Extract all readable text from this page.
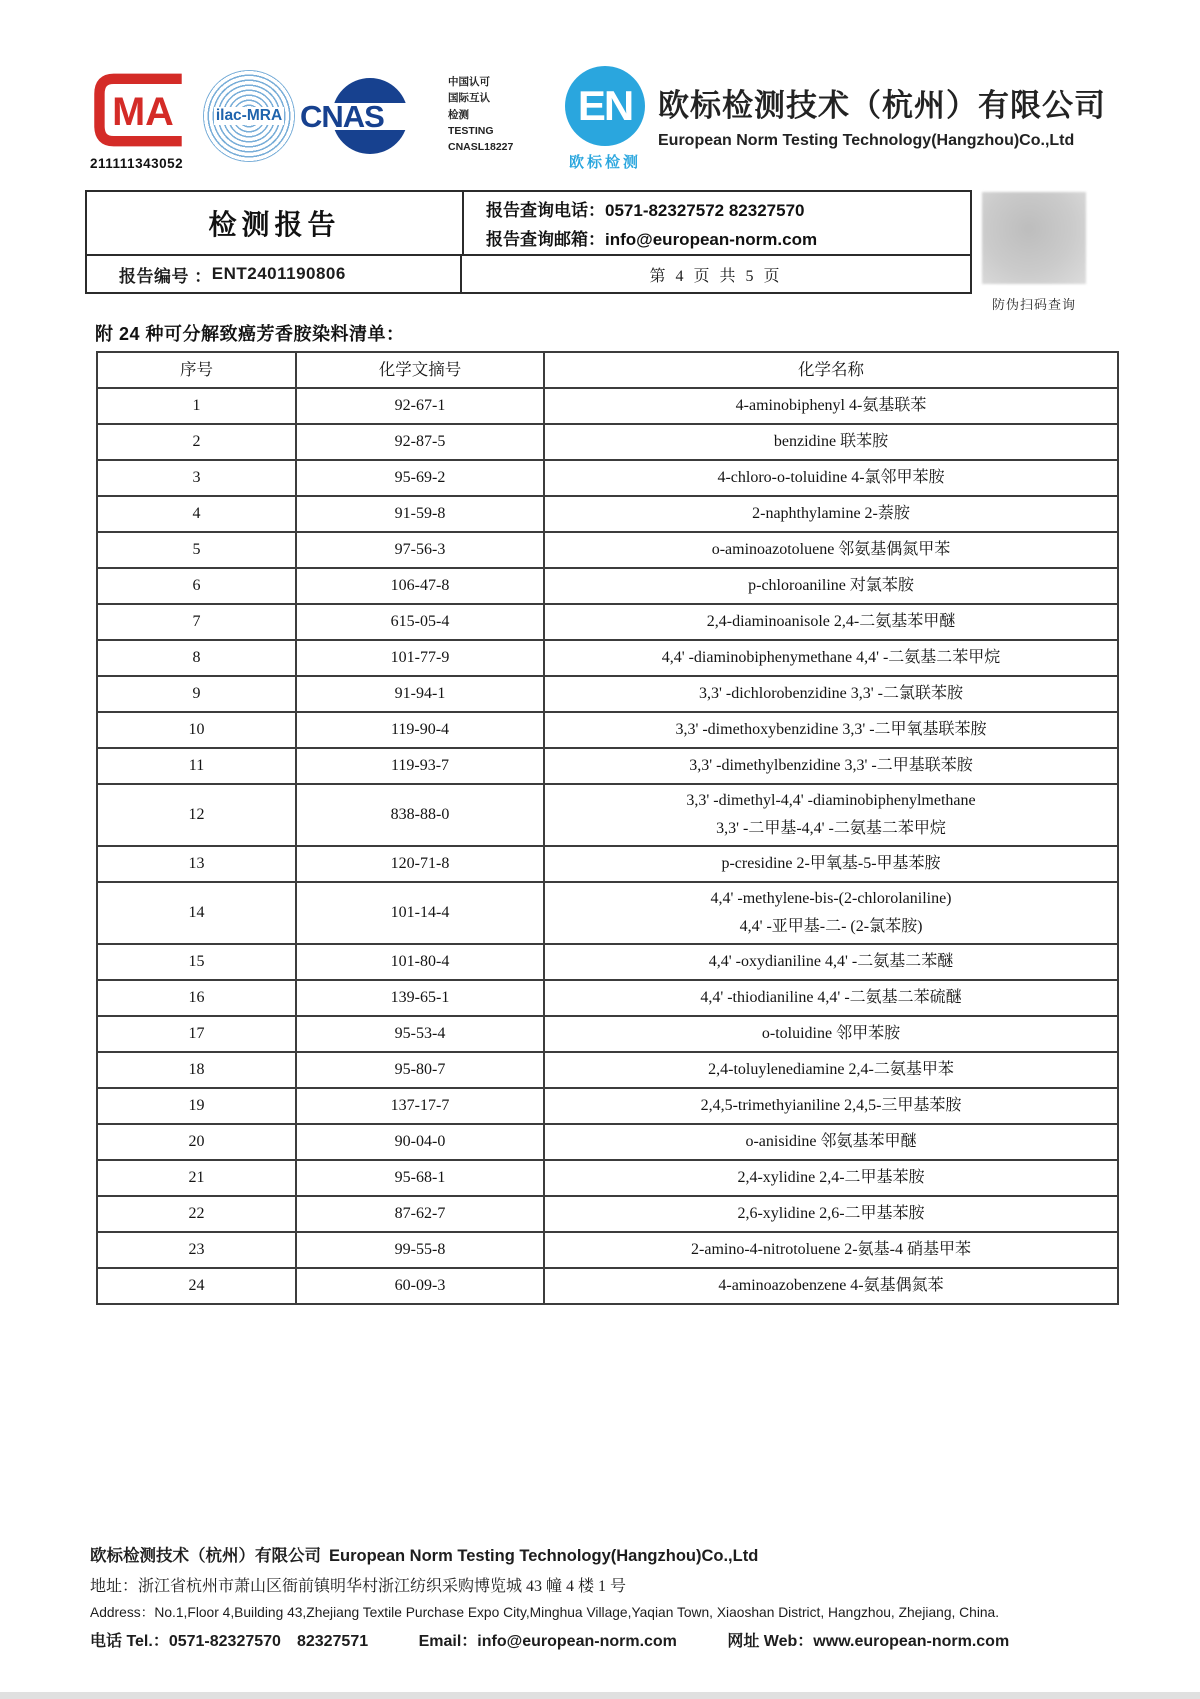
MA
211111343052
ilac-MRA CNAS
中国认可
国际互认
检测
TESTING
CNASL18227
EN
欧标检测
欧标检测技术（杭州）有限公司
European Norm Testing Technology(Hangzhou)Co.,Ltd
检测报告	报告查询电话：0571-82327572 82327570
报告查询邮箱：info@european-norm.com
报告编号 ： ENT2401190806	第 4 页 共 5 页
防伪扫码查询
附 24 种可分解致癌芳香胺染料清单：
序号	化学文摘号	化学名称
1	92-67-1	4-aminobiphenyl 4-氨基联苯

2	92-87-5	benzidine 联苯胺

3	95-69-2	4-chloro-o-toluidine 4-氯邻甲苯胺

4	91-59-8	2-naphthylamine 2-萘胺

5	97-56-3	o-aminoazotoluene 邻氨基偶氮甲苯

6	106-47-8	p-chloroaniline 对氯苯胺

7	615-05-4	2,4-diaminoanisole 2,4-二氨基苯甲醚

8	101-77-9	4,4' -diaminobiphenymethane 4,4' -二氨基二苯甲烷

9	91-94-1	3,3' -dichlorobenzidine 3,3' -二氯联苯胺

10	119-90-4	3,3' -dimethoxybenzidine 3,3' -二甲氧基联苯胺

11	119-93-7	3,3' -dimethylbenzidine 3,3' -二甲基联苯胺

12	838-88-0	3,3' -dimethyl-4,4' -diaminobiphenylmethane
3,3' -二甲基-4,4' -二氨基二苯甲烷

13	120-71-8	p-cresidine 2-甲氧基-5-甲基苯胺

14	101-14-4	4,4' -methylene-bis-(2-chlorolaniline)
4,4' -亚甲基-二- (2-氯苯胺)

15	101-80-4	4,4' -oxydianiline 4,4' -二氨基二苯醚

16	139-65-1	4,4' -thiodianiline 4,4' -二氨基二苯硫醚

17	95-53-4	o-toluidine 邻甲苯胺

18	95-80-7	2,4-toluylenediamine 2,4-二氨基甲苯

19	137-17-7	2,4,5-trimethyianiline 2,4,5-三甲基苯胺

20	90-04-0	o-anisidine 邻氨基苯甲醚

21	95-68-1	2,4-xylidine 2,4-二甲基苯胺

22	87-62-7	2,6-xylidine 2,6-二甲基苯胺

23	99-55-8	2-amino-4-nitrotoluene 2-氨基-4 硝基甲苯

24	60-09-3	4-aminoazobenzene 4-氨基偶氮苯
欧标检测技术（杭州）有限公司 European Norm Testing Technology(Hangzhou)Co.,Ltd
地址：浙江省杭州市萧山区衙前镇明华村浙江纺织采购博览城 43 幢 4 楼 1 号
Address：No.1,Floor 4,Building 43,Zhejiang Textile Purchase Expo City,Minghua Village,Yaqian Town, Xiaoshan District, Hangzhou, Zhejiang, China.
电话 Tel.：0571-82327570　82327571	Email：info@european-norm.com	网址 Web：www.european-norm.com
